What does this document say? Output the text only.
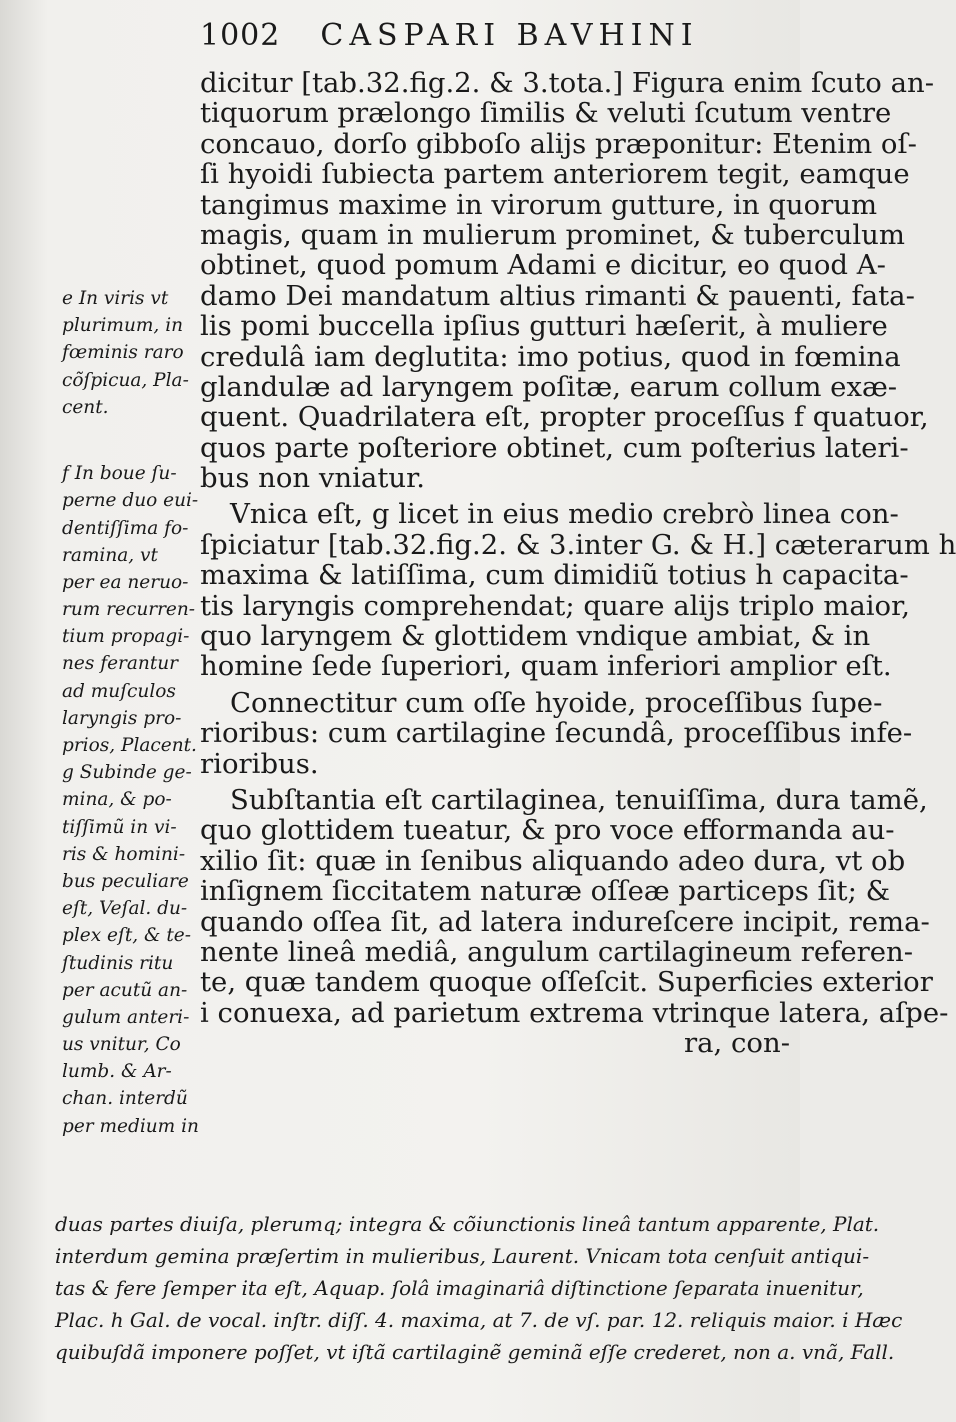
1002 CASPARI BAVHINI
dicitur [tab.32.fig.2. & 3.tota.] Figura enim ſcuto an-
tiquorum prælongo ſimilis & veluti ſcutum ventre
concauo, dorſo gibboſo alijs præponitur: Etenim oſ-
ſi hyoidi ſubiecta partem anteriorem tegit, eamque
tangimus maxime in virorum gutture, in quorum
magis, quam in mulierum prominet, & tuberculum
obtinet, quod pomum Adami e dicitur, eo quod A-
damo Dei mandatum altius rimanti & pauenti, fata-
lis pomi buccella ipſius gutturi hæſerit, à muliere
credulâ iam deglutita: imo potius, quod in fœmina
glandulæ ad laryngem poſitæ, earum collum exæ-
quent. Quadrilatera eſt, propter proceſſus f quatuor,
quos parte poſteriore obtinet, cum poſterius lateri-
bus non vniatur.
Vnica eſt, g licet in eius medio crebrò linea con-
ſpiciatur [tab.32.fig.2. & 3.inter G. & H.] cæterarum h
maxima & latiſſima, cum dimidiũ totius h capacita-
tis laryngis comprehendat; quare alijs triplo maior,
quo laryngem & glottidem vndique ambiat, & in
homine ſede ſuperiori, quam inferiori amplior eſt.
Connectitur cum oſſe hyoide, proceſſibus ſupe-
rioribus: cum cartilagine ſecundâ, proceſſibus infe-
rioribus.
Subſtantia eſt cartilaginea, tenuiſſima, dura tamẽ,
quo glottidem tueatur, & pro voce efformanda au-
xilio ſit: quæ in ſenibus aliquando adeo dura, vt ob
inſignem ſiccitatem naturæ oſſeæ particeps ſit; &
quando oſſea ſit, ad latera indureſcere incipit, rema-
nente lineâ mediâ, angulum cartilagineum referen-
te, quæ tandem quoque oſſeſcit. Superficies exterior
i conuexa, ad parietum extrema vtrinque latera, aſpe-
ra, con-
e In viris vt
plurimum, in
fœminis raro
cõſpicua, Pla-
cent.
f In boue ſu-
perne duo eui-
dentiſſima fo-
ramina, vt
per ea neruo-
rum recurren-
tium propagi-
nes ferantur
ad muſculos
laryngis pro-
prios, Placent.
g Subinde ge-
mina, & po-
tiſſimũ in vi-
ris & homini-
bus peculiare
eſt, Veſal. du-
plex eſt, & te-
ſtudinis ritu
per acutũ an-
gulum anteri-
us vnitur, Co
lumb. & Ar-
chan. interdũ
per medium in
duas partes diuiſa, plerumq; integra & cõiunctionis lineâ tantum apparente, Plat.
interdum gemina præſertim in mulieribus, Laurent. Vnicam tota cenſuit antiqui-
tas & fere ſemper ita eſt, Aquap. ſolâ imaginariâ diſtinctione ſeparata inuenitur,
Plac. h Gal. de vocal. inſtr. diſſ. 4. maxima, at 7. de vſ. par. 12. reliquis maior. i Hæc
quibuſdã imponere poſſet, vt iſtã cartilaginẽ geminã eſſe crederet, non a. vnã, Fall.
